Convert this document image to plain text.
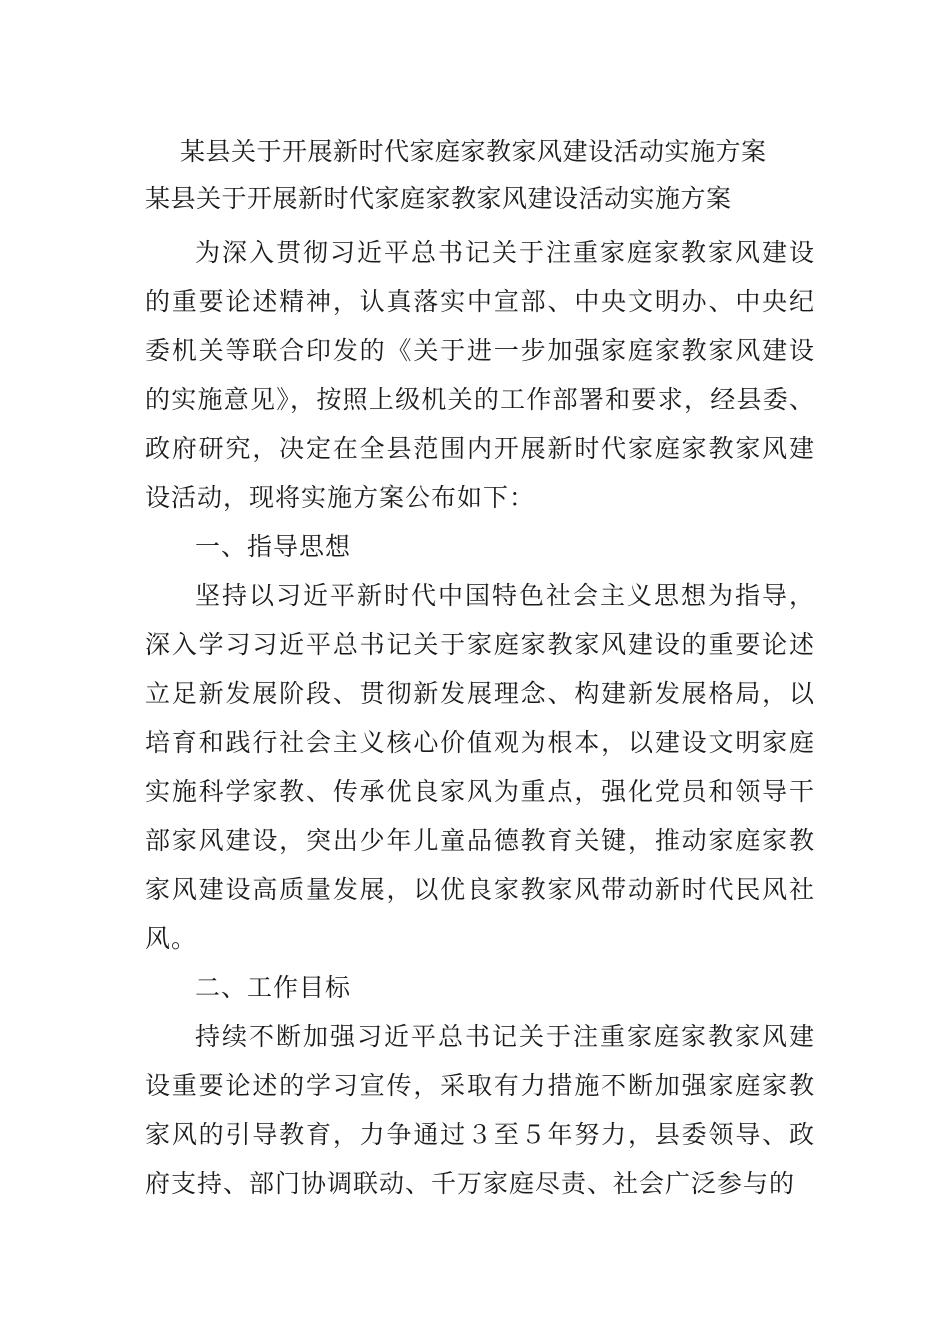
某县关于开展新时代家庭家教家风建设活动实施方案
某县关于开展新时代家庭家教家风建设活动实施方案

为深入贯彻习近平总书记关于注重家庭家教家风建设的重要论述精神，认真落实中宣部、中央文明办、中央纪委机关等联合印发的《关于进一步加强家庭家教家风建设的实施意见》，按照上级机关的工作部署和要求，经县委、政府研究，决定在全县范围内开展新时代家庭家教家风建设活动，现将实施方案公布如下：

一、指导思想

坚持以习近平新时代中国特色社会主义思想为指导，深入学习习近平总书记关于家庭家教家风建设的重要论述立足新发展阶段、贯彻新发展理念、构建新发展格局，以培育和践行社会主义核心价值观为根本，以建设文明家庭实施科学家教、传承优良家风为重点，强化党员和领导干部家风建设，突出少年儿童品德教育关键，推动家庭家教家风建设高质量发展，以优良家教家风带动新时代民风社风。

二、工作目标

持续不断加强习近平总书记关于注重家庭家教家风建设重要论述的学习宣传，采取有力措施不断加强家庭家教家风的引导教育，力争通过３至５年努力，县委领导、政府支持、部门协调联动、千万家庭尽责、社会广泛参与的
